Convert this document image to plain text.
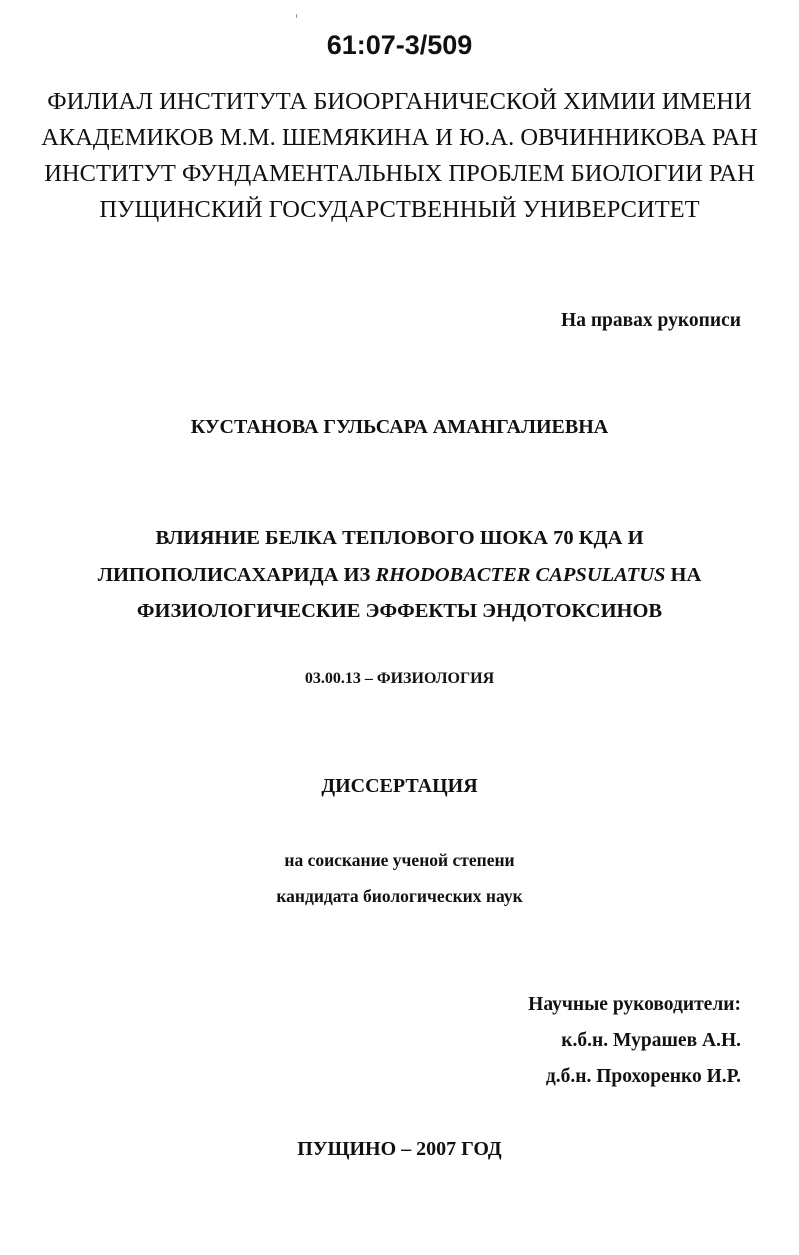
61:07-3/509

ФИЛИАЛ ИНСТИТУТА БИООРГАНИЧЕСКОЙ ХИМИИ ИМЕНИ

АКАДЕМИКОВ М.М. ШЕМЯКИНА И Ю.А. ОВЧИННИКОВА РАН

ИНСТИТУТ ФУНДАМЕНТАЛЬНЫХ ПРОБЛЕМ БИОЛОГИИ РАН

ПУЩИНСКИЙ ГОСУДАРСТВЕННЫЙ УНИВЕРСИТЕТ

На правах рукописи

КУСТАНОВА ГУЛЬСАРА АМАНГАЛИЕВНА

ВЛИЯНИЕ БЕЛКА ТЕПЛОВОГО ШОКА 70 КДА И

ЛИПОПОЛИСАХАРИДА ИЗ RHODOBACTER CAPSULATUS НА

ФИЗИОЛОГИЧЕСКИЕ ЭФФЕКТЫ ЭНДОТОКСИНОВ

03.00.13 – ФИЗИОЛОГИЯ

ДИССЕРТАЦИЯ

на соискание ученой степени

кандидата биологических наук

Научные руководители:

к.б.н. Мурашев А.Н.

д.б.н. Прохоренко И.Р.

ПУЩИНО – 2007 ГОД
